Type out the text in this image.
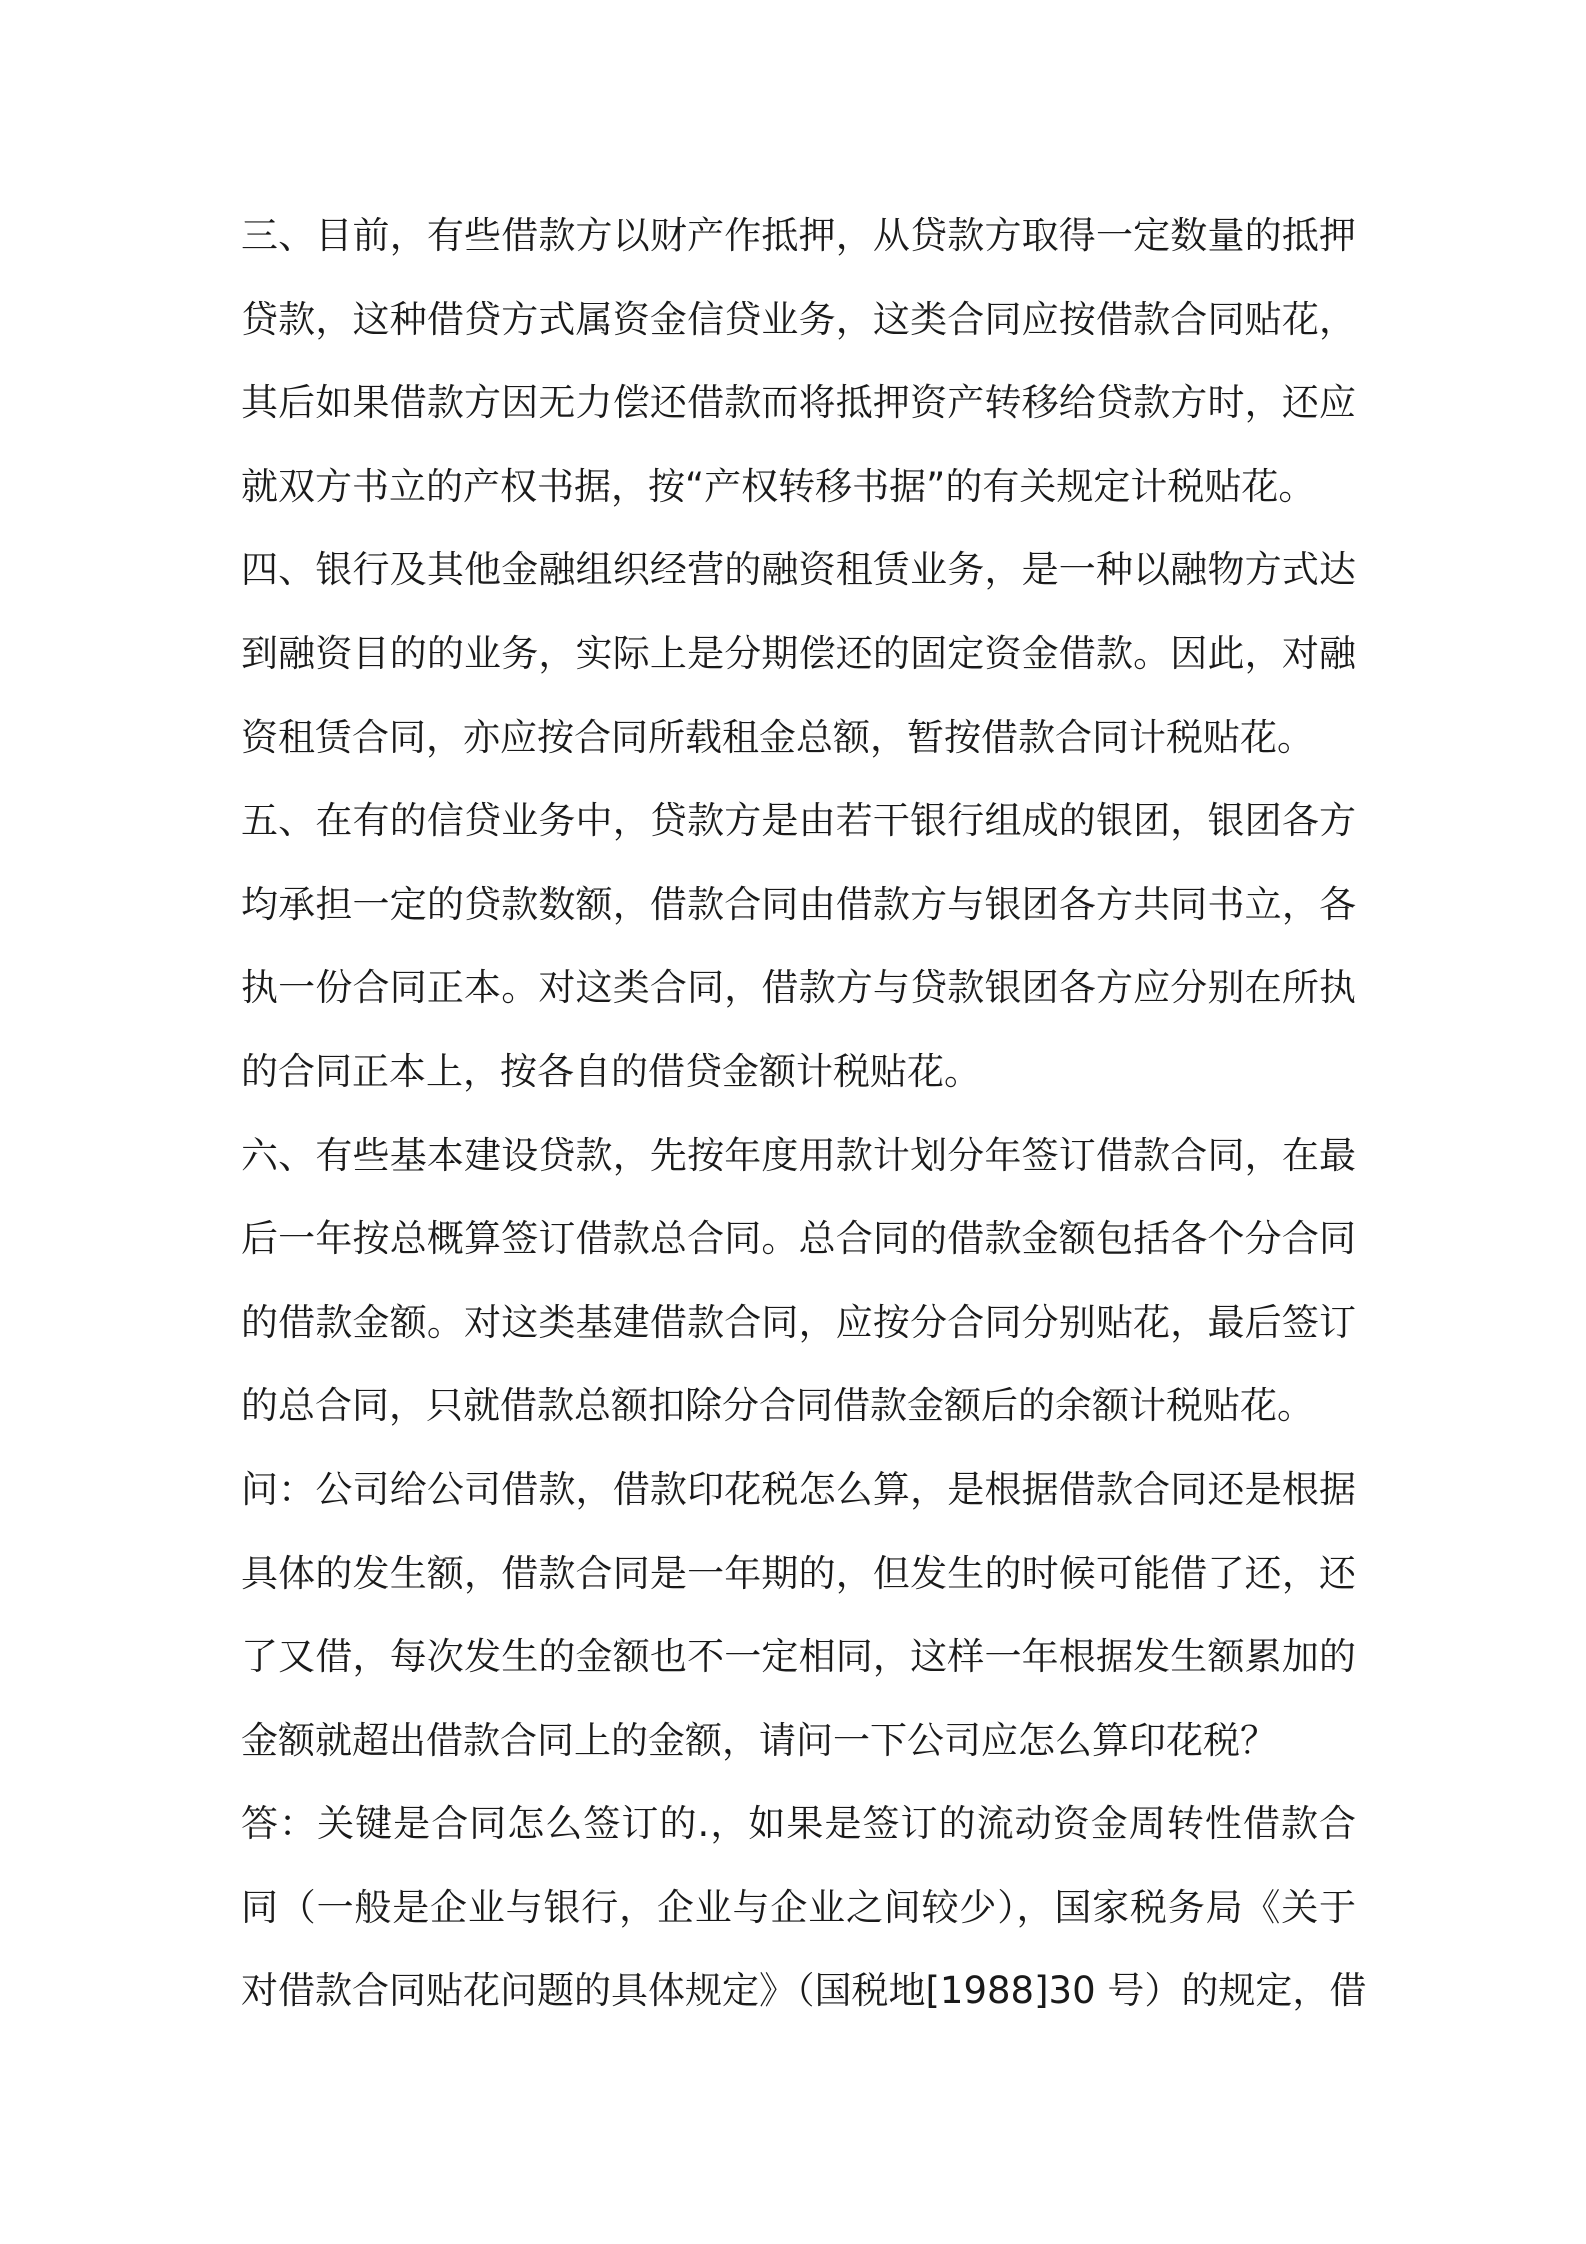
三、目前，有些借款方以财产作抵押，从贷款方取得一定数量的抵押
贷款，这种借贷方式属资金信贷业务，这类合同应按借款合同贴花，
其后如果借款方因无力偿还借款而将抵押资产转移给贷款方时，还应
就双方书立的产权书据，按“产权转移书据”的有关规定计税贴花。
四、银行及其他金融组织经营的融资租赁业务，是一种以融物方式达
到融资目的的业务，实际上是分期偿还的固定资金借款。因此，对融
资租赁合同，亦应按合同所载租金总额，暂按借款合同计税贴花。
五、在有的信贷业务中，贷款方是由若干银行组成的银团，银团各方
均承担一定的贷款数额，借款合同由借款方与银团各方共同书立，各
执一份合同正本。对这类合同，借款方与贷款银团各方应分别在所执
的合同正本上，按各自的借贷金额计税贴花。
六、有些基本建设贷款，先按年度用款计划分年签订借款合同，在最
后一年按总概算签订借款总合同。总合同的借款金额包括各个分合同
的借款金额。对这类基建借款合同，应按分合同分别贴花，最后签订
的总合同，只就借款总额扣除分合同借款金额后的余额计税贴花。
问：公司给公司借款，借款印花税怎么算，是根据借款合同还是根据
具体的发生额，借款合同是一年期的，但发生的时候可能借了还，还
了又借，每次发生的金额也不一定相同，这样一年根据发生额累加的
金额就超出借款合同上的金额，请问一下公司应怎么算印花税？
答：关键是合同怎么签订的.，如果是签订的流动资金周转性借款合
同（一般是企业与银行，企业与企业之间较少），国家税务局《关于
对借款合同贴花问题的具体规定》（国税地[1988]30 号）的规定，借
